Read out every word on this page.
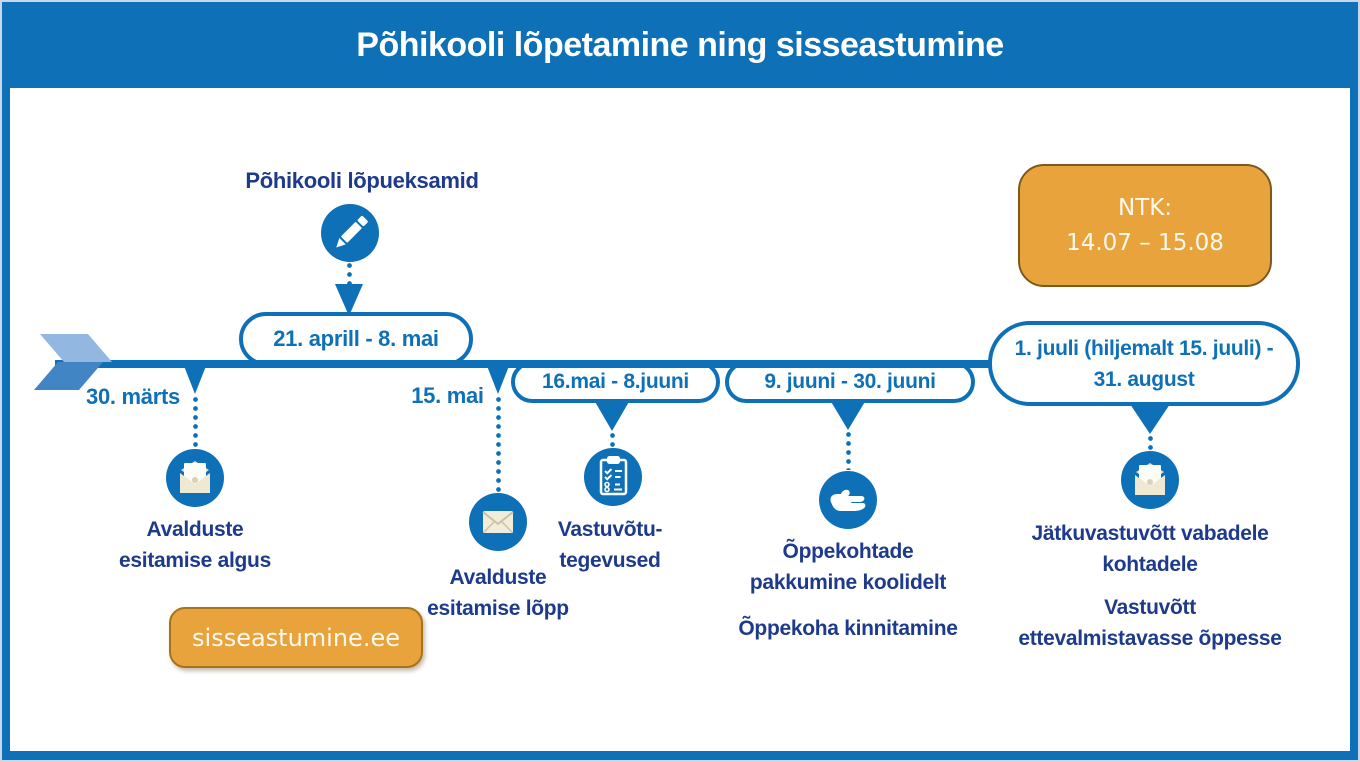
Põhikooli lõpetamine ning sisseastumine
Põhikooli lõpueksamid
21. aprill - 8. mai
30. märts
Avalduste
esitamise algus
15. mai
Avalduste
esitamise lõpp
16.mai - 8.juuni
Vastuvõtu-
tegevused
9. juuni - 30. juuni
Õppekohtade
pakkumine koolidelt
Õppekoha kinnitamine
1. juuli (hiljemalt 15. juuli) -
31. august
Jätkuvastuvõtt vabadele
kohtadele
Vastuvõtt
ettevalmistavasse õppesse
NTK:
14.07 – 15.08
sisseastumine.ee
